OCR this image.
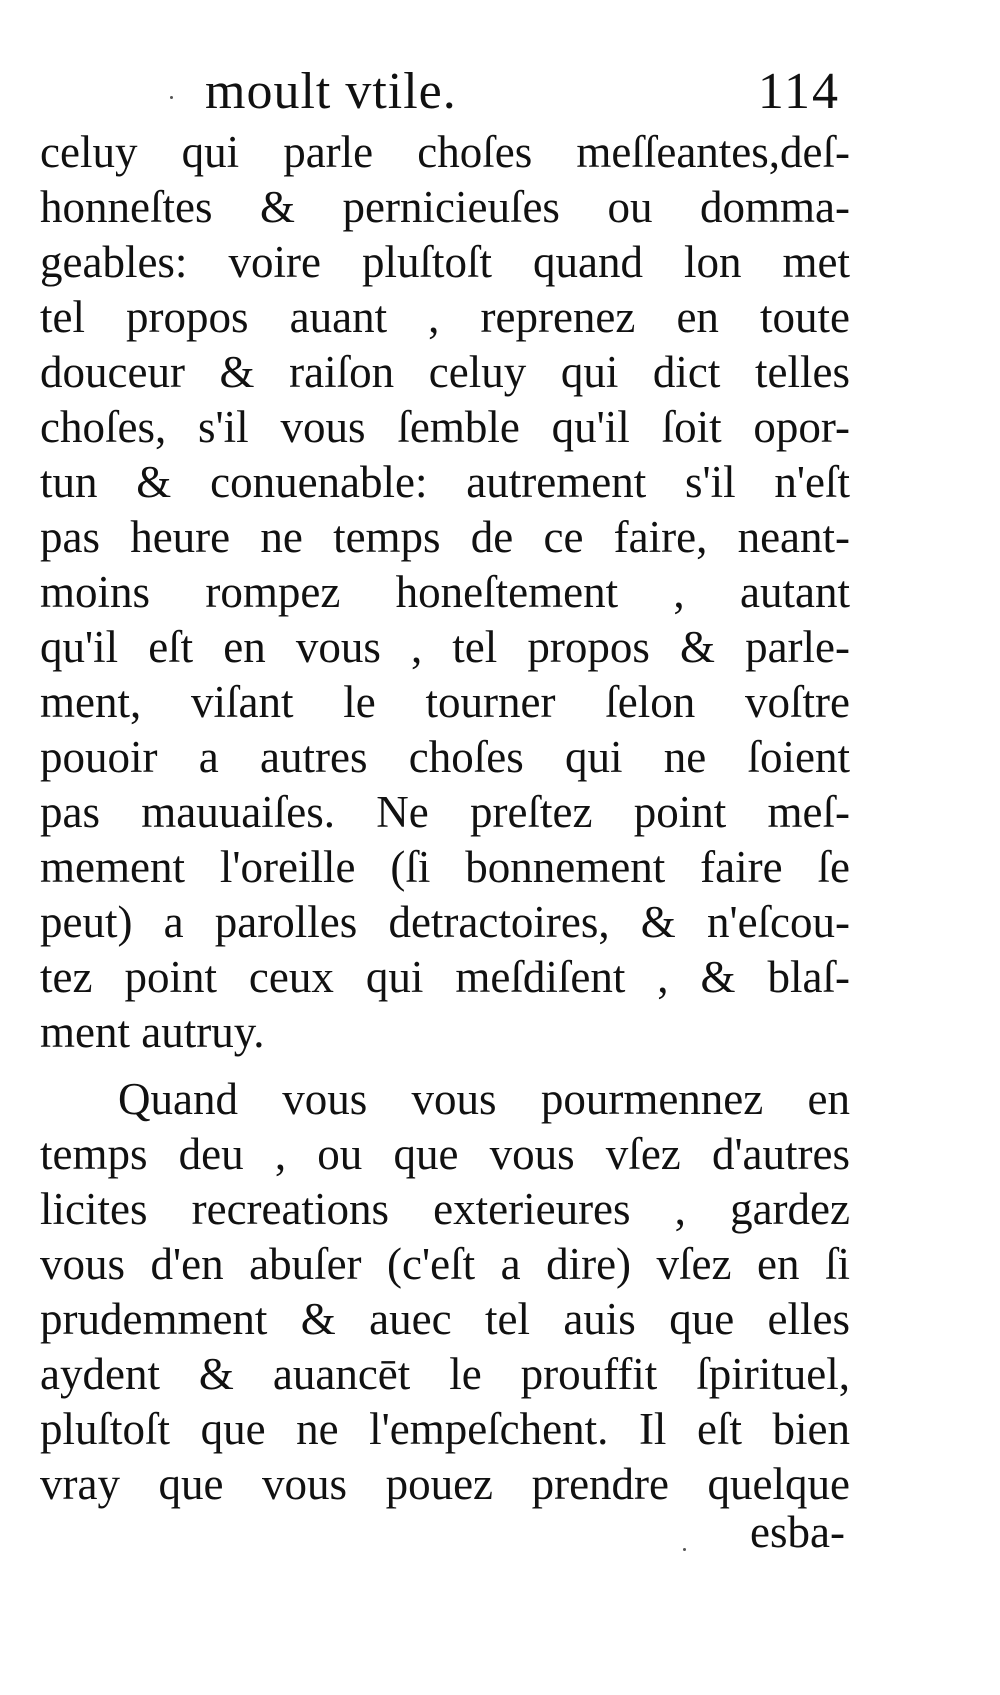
moult vtile.	114
celuy qui parle choſes meſſeantes,deſ-
honneſtes & pernicieuſes ou domma-
geables: voire pluſtoſt quand lon met
tel propos auant , reprenez en toute
douceur & raiſon celuy qui dict telles
choſes, s'il vous ſemble qu'il ſoit opor-
tun & conuenable: autrement s'il n'eſt
pas heure ne temps de ce faire, neant-
moins rompez honeſtement , autant
qu'il eſt en vous , tel propos & parle-
ment, viſant le tourner ſelon voſtre
pouoir a autres choſes qui ne ſoient
pas mauuaiſes. Ne preſtez point meſ-
mement l'oreille (ſi bonnement faire ſe
peut) a parolles detractoires, & n'eſcou-
tez point ceux qui meſdiſent , & blaſ-
ment autruy.
Quand vous vous pourmennez en
temps deu , ou que vous vſez d'autres
licites recreations exterieures , gardez
vous d'en abuſer (c'eſt a dire) vſez en ſi
prudemment & auec tel auis que elles
aydent & auancēt le prouffit ſpirituel,
pluſtoſt que ne l'empeſchent. Il eſt bien
vray que vous pouez prendre quelque
esba-
